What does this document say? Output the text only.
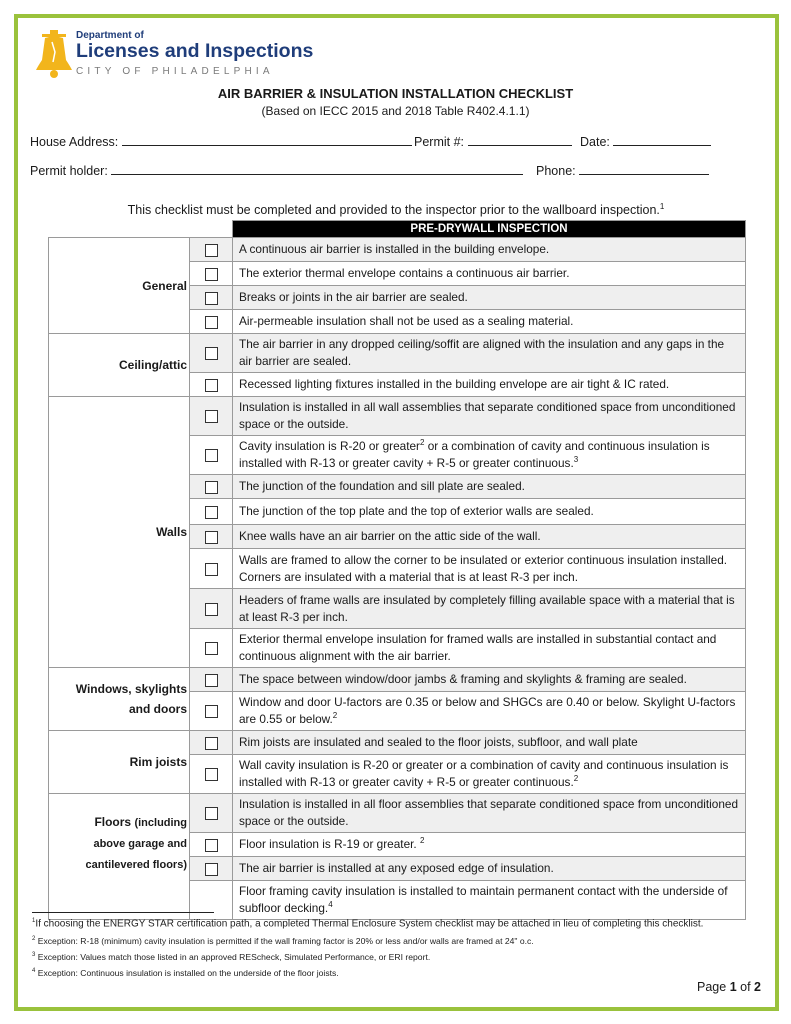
Department of
Licenses and Inspections
CITY OF PHILADELPHIA
AIR BARRIER & INSULATION INSTALLATION CHECKLIST
(Based on IECC 2015 and 2018 Table R402.4.1.1)
House Address:	Permit #:	Date:
Permit holder:	Phone:
This checklist must be completed and provided to the inspector prior to the wallboard inspection.$^1$
		PRE-DRYWALL INSPECTION
General		A continuous air barrier is installed in the building envelope.
		The exterior thermal envelope contains a continuous air barrier.
		Breaks or joints in the air barrier are sealed.
		Air-permeable insulation shall not be used as a sealing material.
Ceiling/attic		The air barrier in any dropped ceiling/soffit are aligned with the insulation and any gaps in the air barrier are sealed.
		Recessed lighting fixtures installed in the building envelope are air tight & IC rated.
Walls		Insulation is installed in all wall assemblies that separate conditioned space from unconditioned space or the outside.
		Cavity insulation is R-20 or greater$^2$ or a combination of cavity and continuous insulation is installed with R-13 or greater cavity + R-5 or greater continuous.$^3$
		The junction of the foundation and sill plate are sealed.
		The junction of the top plate and the top of exterior walls are sealed.
		Knee walls have an air barrier on the attic side of the wall.
		Walls are framed to allow the corner to be insulated or exterior continuous insulation installed. Corners are insulated with a material that is at least R-3 per inch.
		Headers of frame walls are insulated by completely filling available space with a material that is at least R-3 per inch.
		Exterior thermal envelope insulation for framed walls are installed in substantial contact and continuous alignment with the air barrier.
Windows, skylights
and doors		The space between window/door jambs & framing and skylights & framing are sealed.
		Window and door U-factors are 0.35 or below and SHGCs are 0.40 or below. Skylight U-factors are 0.55 or below.$^2$
Rim joists		Rim joists are insulated and sealed to the floor joists, subfloor, and wall plate
		Wall cavity insulation is R-20 or greater or a combination of cavity and continuous insulation is installed with R-13 or greater cavity + R-5 or greater continuous.$^2$
Floors (including
above garage and
cantilevered floors)		Insulation is installed in all floor assemblies that separate conditioned space from unconditioned space or the outside.
		Floor insulation is R-19 or greater. $^2$
		The air barrier is installed at any exposed edge of insulation.
		Floor framing cavity insulation is installed to maintain permanent contact with the underside of subfloor decking.$^4$
$^1$If choosing the ENERGY STAR certification path, a completed Thermal Enclosure System checklist may be attached in lieu of completing this checklist.
$^2$ Exception: R-18 (minimum) cavity insulation is permitted if the wall framing factor is 20% or less and/or walls are framed at 24" o.c.
$^3$ Exception: Values match those listed in an approved REScheck, Simulated Performance, or ERI report.
$^4$ Exception: Continuous insulation is installed on the underside of the floor joists.
Page 1 of 2
